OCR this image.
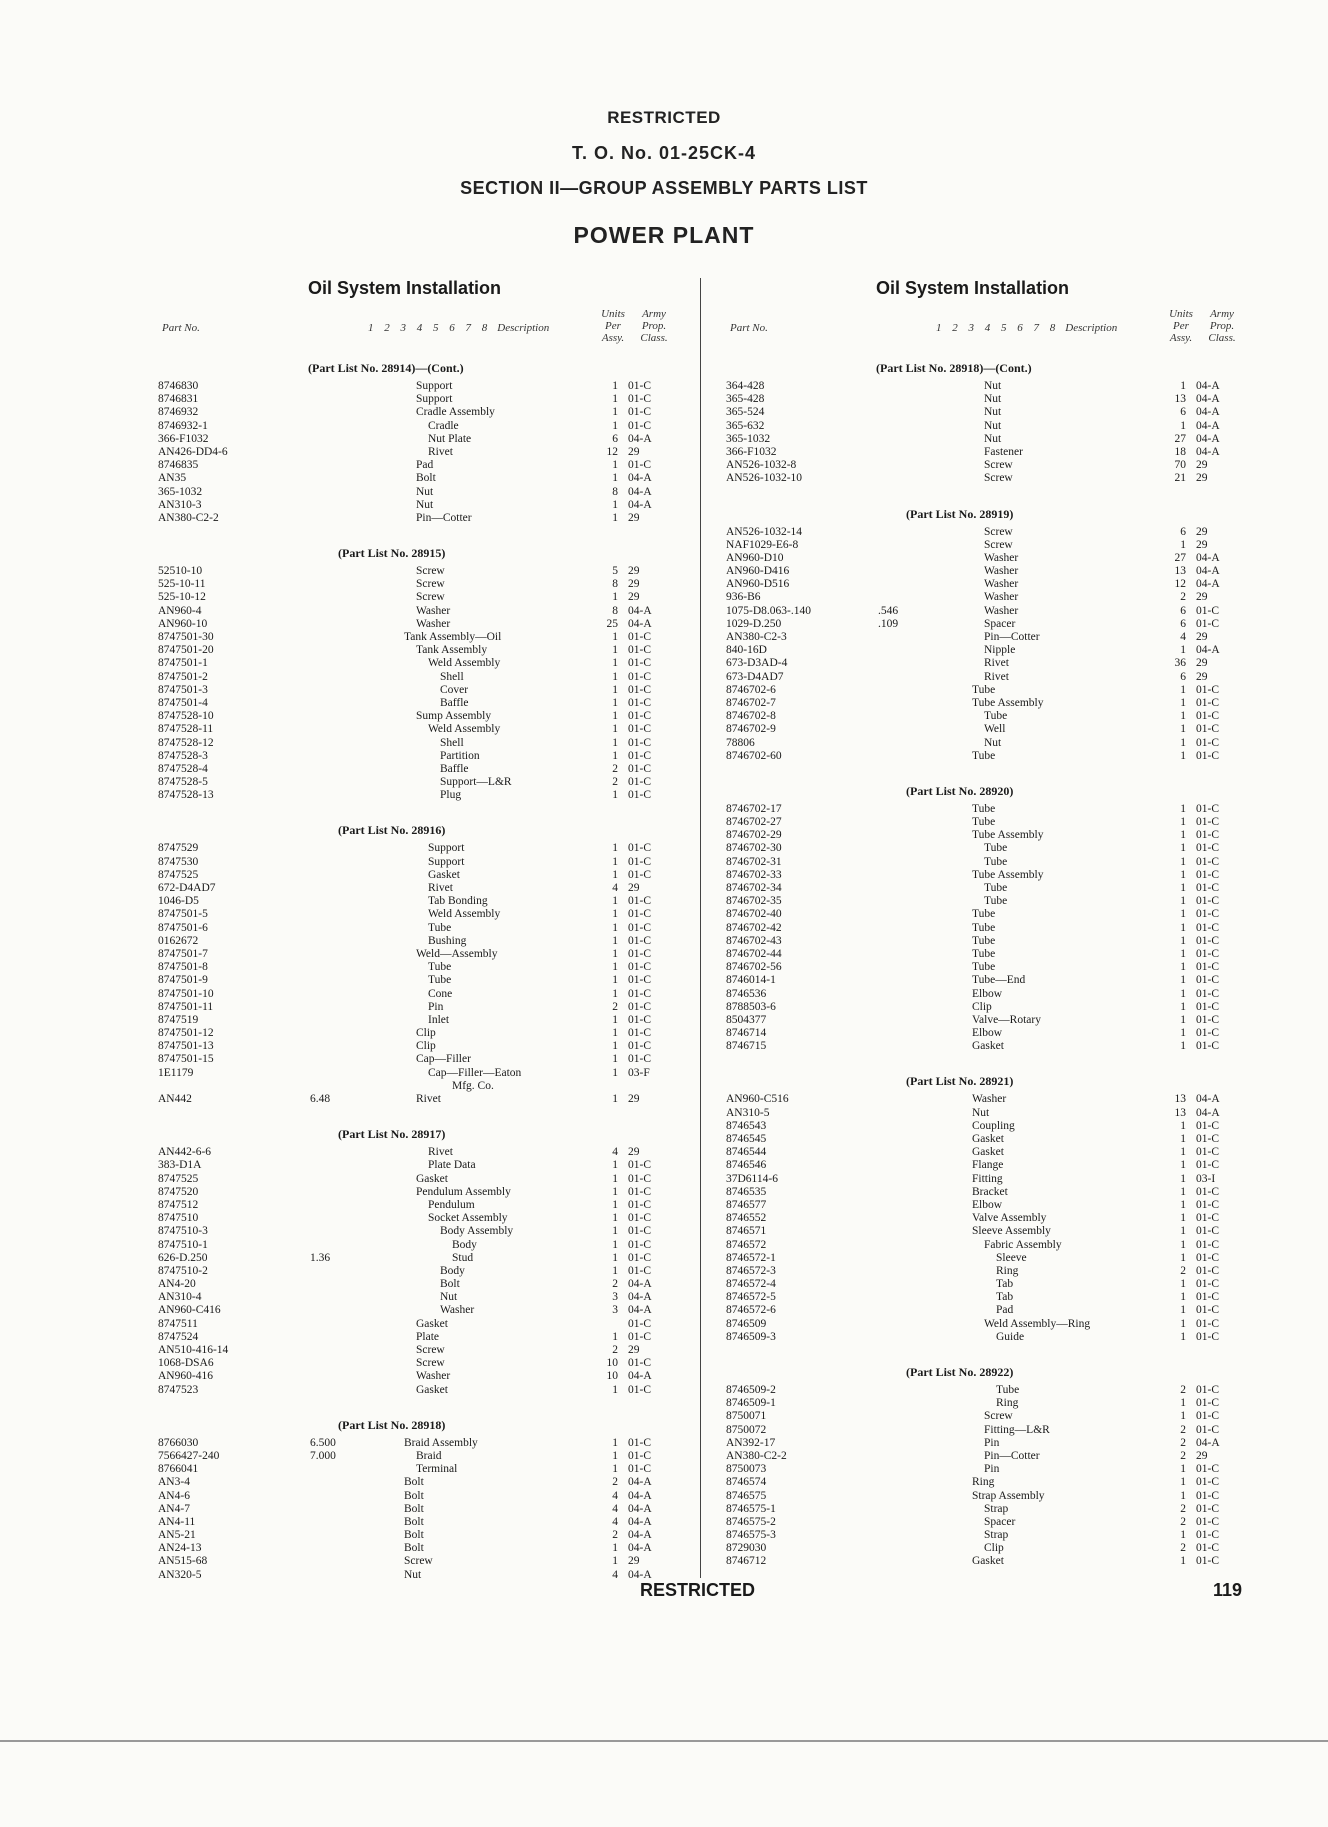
RESTRICTED
T. O. No. 01-25CK-4
SECTION II—GROUP ASSEMBLY PARTS LIST
POWER PLANT
Oil System Installation
Part No.	1 2 3 4 5 6 7 8 Description
Units Per Assy.
Army Prop. Class.
(Part List No. 28914)—(Cont.)
8746830	Support	1 01-C
8746831	Support	1 01-C
8746932	Cradle Assembly	1 01-C
8746932-1	Cradle	1 01-C
366-F1032	Nut Plate	6 04-A
AN426-DD4-6	Rivet	12 29
8746835	Pad	1 01-C
AN35	Bolt	1 04-A
365-1032	Nut	8 04-A
AN310-3	Nut	1 04-A
AN380-C2-2	Pin—Cotter	1 29
(Part List No. 28915)
52510-10	Screw	5 29
525-10-11	Screw	8 29
525-10-12	Screw	1 29
AN960-4	Washer	8 04-A
AN960-10	Washer	25 04-A
8747501-30	Tank Assembly—Oil	1 01-C
8747501-20	Tank Assembly	1 01-C
8747501-1	Weld Assembly	1 01-C
8747501-2	Shell	1 01-C
8747501-3	Cover	1 01-C
8747501-4	Baffle	1 01-C
8747528-10	Sump Assembly	1 01-C
8747528-11	Weld Assembly	1 01-C
8747528-12	Shell	1 01-C
8747528-3	Partition	1 01-C
8747528-4	Baffle	2 01-C
8747528-5	Support—L&R	2 01-C
8747528-13	Plug	1 01-C
(Part List No. 28916)
8747529	Support	1 01-C
8747530	Support	1 01-C
8747525	Gasket	1 01-C
672-D4AD7	Rivet	4 29
1046-D5	Tab Bonding	1 01-C
8747501-5	Weld Assembly	1 01-C
8747501-6	Tube	1 01-C
0162672	Bushing	1 01-C
8747501-7	Weld—Assembly	1 01-C
8747501-8	Tube	1 01-C
8747501-9	Tube	1 01-C
8747501-10	Cone	1 01-C
8747501-11	Pin	2 01-C
8747519	Inlet	1 01-C
8747501-12	Clip	1 01-C
8747501-13	Clip	1 01-C
8747501-15	Cap—Filler	1 01-C
1E1179	Cap—Filler—Eaton	1 03-F
Mfg. Co.
AN442	6.48	Rivet	1 29
(Part List No. 28917)
AN442-6-6	Rivet	4 29
383-D1A	Plate Data	1 01-C
8747525	Gasket	1 01-C
8747520	Pendulum Assembly	1 01-C
8747512	Pendulum	1 01-C
8747510	Socket Assembly	1 01-C
8747510-3	Body Assembly	1 01-C
8747510-1	Body	1 01-C
626-D.250	1.36	Stud	1 01-C
8747510-2	Body	1 01-C
AN4-20	Bolt	2 04-A
AN310-4	Nut	3 04-A
AN960-C416	Washer	3 04-A
8747511	Gasket	01-C
8747524	Plate	1 01-C
AN510-416-14	Screw	2 29
1068-DSA6	Screw	10 01-C
AN960-416	Washer	10 04-A
8747523	Gasket	1 01-C
(Part List No. 28918)
8766030	6.500	Braid Assembly	1 01-C
7566427-240	7.000	Braid	1 01-C
8766041	Terminal	1 01-C
AN3-4	Bolt	2 04-A
AN4-6	Bolt	4 04-A
AN4-7	Bolt	4 04-A
AN4-11	Bolt	4 04-A
AN5-21	Bolt	2 04-A
AN24-13	Bolt	1 04-A
AN515-68	Screw	1 29
AN320-5	Nut	4 04-A
Oil System Installation
Part No.	1 2 3 4 5 6 7 8 Description
Units Per Assy.
Army Prop. Class.
(Part List No. 28918)—(Cont.)
364-428	Nut	1 04-A
365-428	Nut	13 04-A
365-524	Nut	6 04-A
365-632	Nut	1 04-A
365-1032	Nut	27 04-A
366-F1032	Fastener	18 04-A
AN526-1032-8	Screw	70 29
AN526-1032-10	Screw	21 29
(Part List No. 28919)
AN526-1032-14	Screw	6 29
NAF1029-E6-8	Screw	1 29
AN960-D10	Washer	27 04-A
AN960-D416	Washer	13 04-A
AN960-D516	Washer	12 04-A
936-B6	Washer	2 29
1075-D8.063-.140	.546	Washer	6 01-C
1029-D.250	.109	Spacer	6 01-C
AN380-C2-3	Pin—Cotter	4 29
840-16D	Nipple	1 04-A
673-D3AD-4	Rivet	36 29
673-D4AD7	Rivet	6 29
8746702-6	Tube	1 01-C
8746702-7	Tube Assembly	1 01-C
8746702-8	Tube	1 01-C
8746702-9	Well	1 01-C
78806	Nut	1 01-C
8746702-60	Tube	1 01-C
(Part List No. 28920)
8746702-17	Tube	1 01-C
8746702-27	Tube	1 01-C
8746702-29	Tube Assembly	1 01-C
8746702-30	Tube	1 01-C
8746702-31	Tube	1 01-C
8746702-33	Tube Assembly	1 01-C
8746702-34	Tube	1 01-C
8746702-35	Tube	1 01-C
8746702-40	Tube	1 01-C
8746702-42	Tube	1 01-C
8746702-43	Tube	1 01-C
8746702-44	Tube	1 01-C
8746702-56	Tube	1 01-C
8746014-1	Tube—End	1 01-C
8746536	Elbow	1 01-C
8788503-6	Clip	1 01-C
8504377	Valve—Rotary	1 01-C
8746714	Elbow	1 01-C
8746715	Gasket	1 01-C
(Part List No. 28921)
AN960-C516	Washer	13 04-A
AN310-5	Nut	13 04-A
8746543	Coupling	1 01-C
8746545	Gasket	1 01-C
8746544	Gasket	1 01-C
8746546	Flange	1 01-C
37D6114-6	Fitting	1 03-I
8746535	Bracket	1 01-C
8746577	Elbow	1 01-C
8746552	Valve Assembly	1 01-C
8746571	Sleeve Assembly	1 01-C
8746572	Fabric Assembly	1 01-C
8746572-1	Sleeve	1 01-C
8746572-3	Ring	2 01-C
8746572-4	Tab	1 01-C
8746572-5	Tab	1 01-C
8746572-6	Pad	1 01-C
8746509	Weld Assembly—Ring	1 01-C
8746509-3	Guide	1 01-C
(Part List No. 28922)
8746509-2	Tube	2 01-C
8746509-1	Ring	1 01-C
8750071	Screw	1 01-C
8750072	Fitting—L&R	2 01-C
AN392-17	Pin	2 04-A
AN380-C2-2	Pin—Cotter	2 29
8750073	Pin	1 01-C
8746574	Ring	1 01-C
8746575	Strap Assembly	1 01-C
8746575-1	Strap	2 01-C
8746575-2	Spacer	2 01-C
8746575-3	Strap	1 01-C
8729030	Clip	2 01-C
8746712	Gasket	1 01-C
RESTRICTED	119
